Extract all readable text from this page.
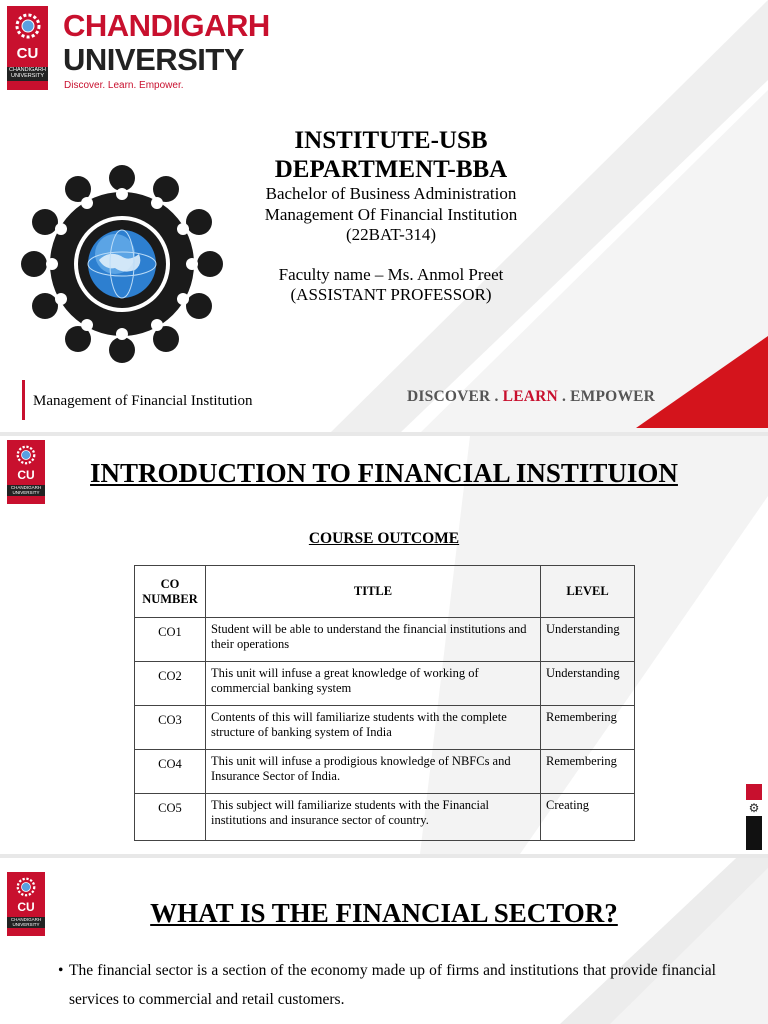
CU
CHANDIGARH UNIVERSITY
CHANDIGARH
UNIVERSITY
Discover. Learn. Empower.
INSTITUTE-USB
DEPARTMENT-BBA
Bachelor of Business Administration
Management Of Financial Institution
(22BAT-314)
Faculty name – Ms. Anmol Preet
(ASSISTANT PROFESSOR)
Management of Financial Institution	DISCOVER . LEARN . EMPOWER
CU
CHANDIGARH UNIVERSITY
INTRODUCTION TO FINANCIAL INSTITUION
COURSE OUTCOME
CO NUMBER	TITLE	LEVEL
CO1	Student will be able to understand the financial institutions and their operations	Understanding
CO2	This unit will infuse a great knowledge of working of commercial banking system	Understanding
CO3	Contents of this will familiarize students with the complete structure of banking system of India	Remembering
CO4	This unit will infuse a prodigious knowledge of NBFCs and Insurance Sector of India.	Remembering
CO5	This subject will familiarize students with the Financial institutions and insurance sector of country.	Creating	⚙
CU
CHANDIGARH UNIVERSITY	WHAT IS THE FINANCIAL SECTOR?
• The financial sector is a section of the economy made up of firms and institutions that provide financial services to commercial and retail customers.
